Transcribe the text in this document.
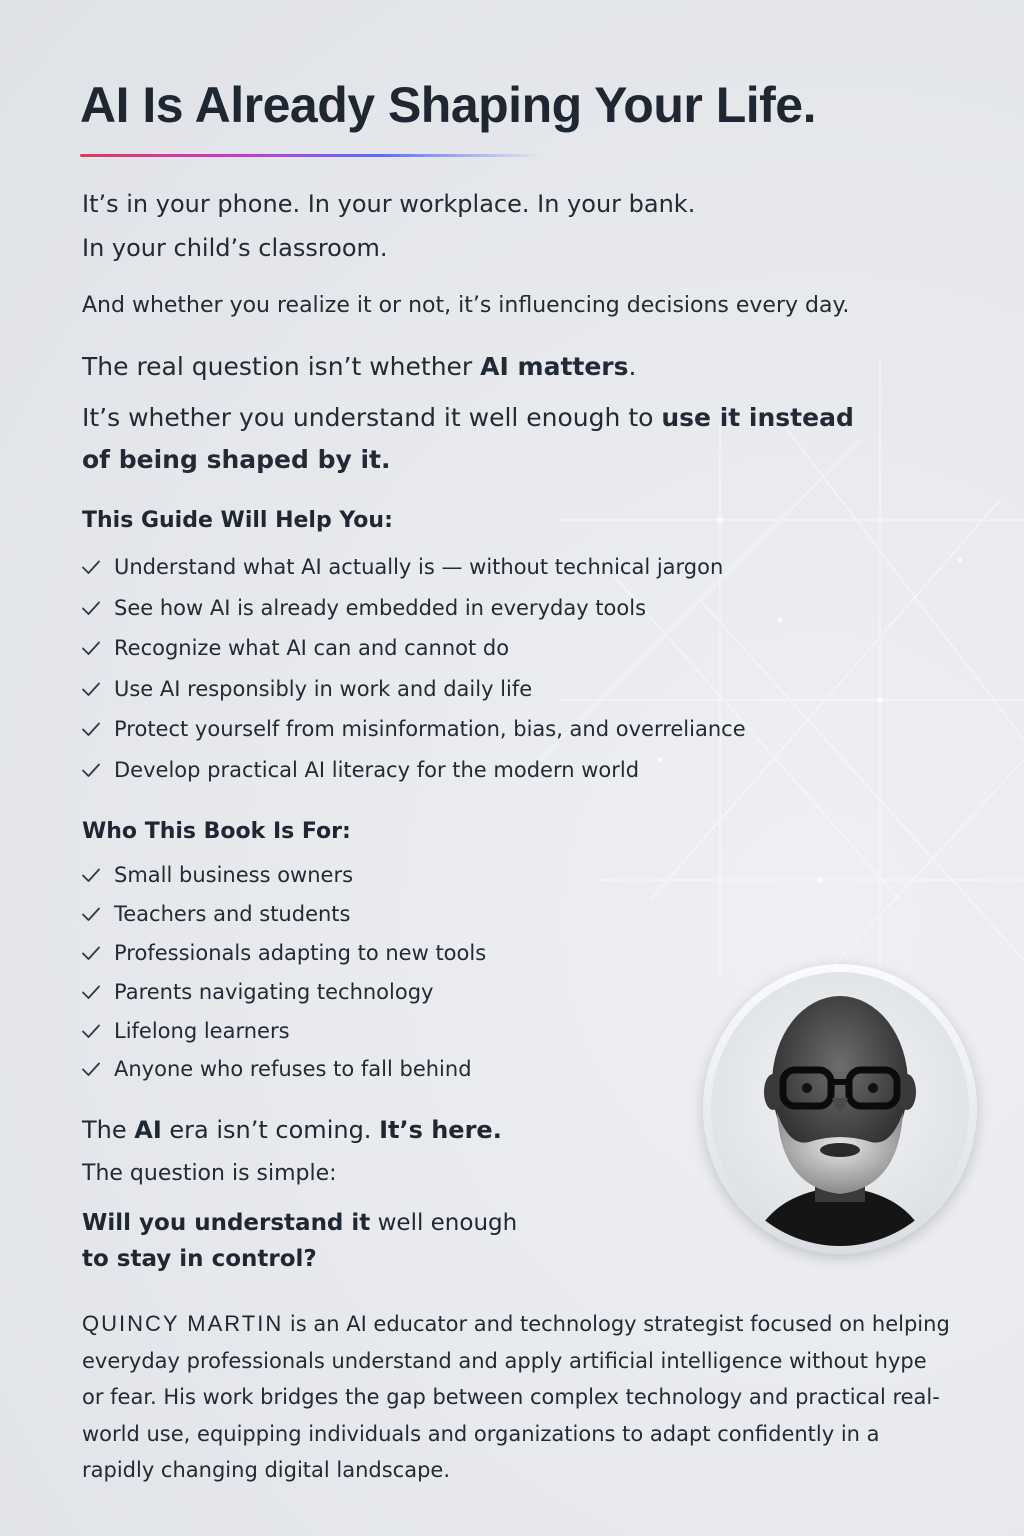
AI Is Already Shaping Your Life.

It’s in your phone. In your workplace. In your bank.

In your child’s classroom.

And whether you realize it or not, it’s influencing decisions every day.

The real question isn’t whether AI matters.

It’s whether you understand it well enough to use it instead

of being shaped by it.

This Guide Will Help You:
Understand what AI actually is — without technical jargon
See how AI is already embedded in everyday tools
Recognize what AI can and cannot do
Use AI responsibly in work and daily life
Protect yourself from misinformation, bias, and overreliance
Develop practical AI literacy for the modern world
Who This Book Is For:
Small business owners
Teachers and students
Professionals adapting to new tools
Parents navigating technology
Lifelong learners
Anyone who refuses to fall behind

The AI era isn’t coming. It’s here.

The question is simple:

Will you understand it well enough
to stay in control?

QUINCY MARTIN is an AI educator and technology strategist focused on helping everyday professionals understand and apply artificial intelligence without hype or fear. His work bridges the gap between complex technology and practical real-world use, equipping individuals and organizations to adapt confidently in a rapidly changing digital landscape.
